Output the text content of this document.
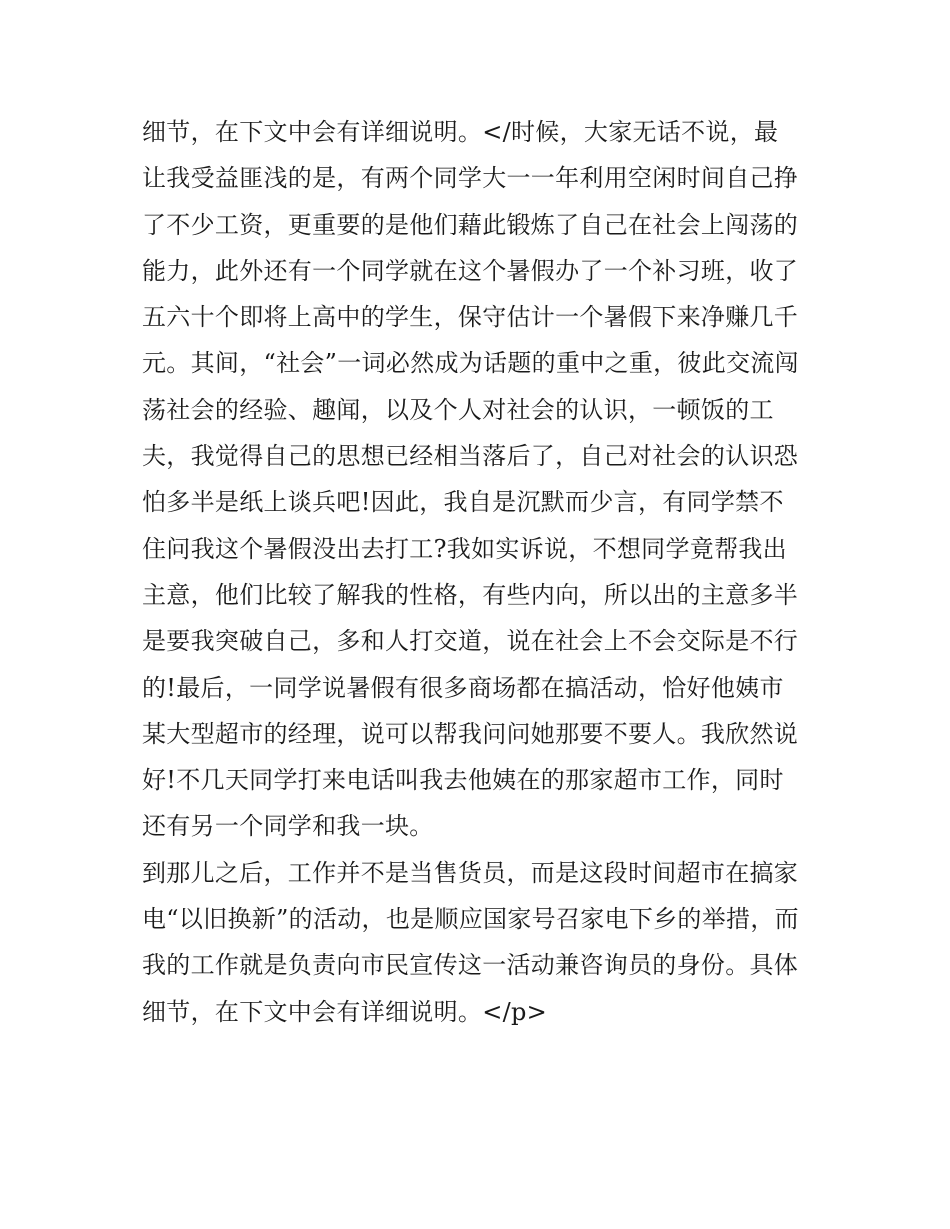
细节，在下文中会有详细说明。</时候，大家无话不说，最
让我受益匪浅的是，有两个同学大一一年利用空闲时间自己挣
了不少工资，更重要的是他们藉此锻炼了自己在社会上闯荡的
能力，此外还有一个同学就在这个暑假办了一个补习班，收了
五六十个即将上高中的学生，保守估计一个暑假下来净赚几千
元。其间，“社会”一词必然成为话题的重中之重，彼此交流闯
荡社会的经验、趣闻，以及个人对社会的认识，一顿饭的工
夫，我觉得自己的思想已经相当落后了，自己对社会的认识恐
怕多半是纸上谈兵吧!因此，我自是沉默而少言，有同学禁不
住问我这个暑假没出去打工?我如实诉说，不想同学竟帮我出
主意，他们比较了解我的性格，有些内向，所以出的主意多半
是要我突破自己，多和人打交道，说在社会上不会交际是不行
的!最后，一同学说暑假有很多商场都在搞活动，恰好他姨市
某大型超市的经理，说可以帮我问问她那要不要人。我欣然说
好!不几天同学打来电话叫我去他姨在的那家超市工作，同时
还有另一个同学和我一块。
到那儿之后，工作并不是当售货员，而是这段时间超市在搞家
电“以旧换新”的活动，也是顺应国家号召家电下乡的举措，而
我的工作就是负责向市民宣传这一活动兼咨询员的身份。具体
细节，在下文中会有详细说明。</p>
